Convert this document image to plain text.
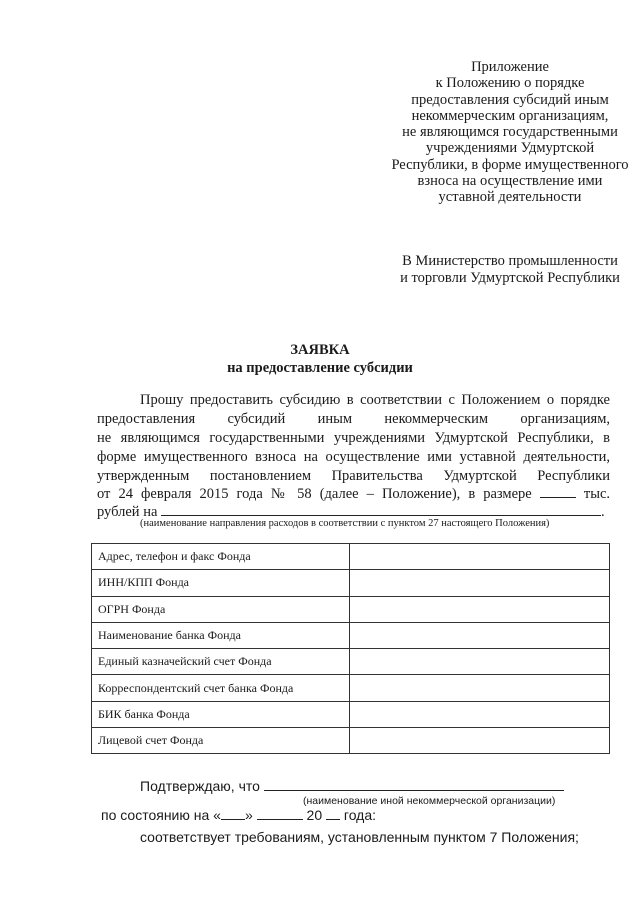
Приложение
к Положению о порядке
предоставления субсидий иным
некоммерческим организациям,
не являющимся государственными
учреждениями Удмуртской
Республики, в форме имущественного
взноса на осуществление ими
уставной деятельности
В Министерство промышленности
и торговли Удмуртской Республики
ЗАЯВКА
на предоставление субсидии
Прошу предоставить субсидию в соответствии с Положением о порядке
предоставления субсидий иным некоммерческим организациям,
не являющимся государственными учреждениями Удмуртской Республики, в
форме имущественного взноса на осуществление ими уставной деятельности,
утвержденным постановлением Правительства Удмуртской Республики
от 24 февраля 2015 года № 58 (далее – Положение), в размере	тыс.
рублей на	.
(наименование направления расходов в соответствии с пунктом 27 настоящего Положения)
Адрес, телефон и факс Фонда	
ИНН/КПП Фонда	
ОГРН Фонда	
Наименование банка Фонда	
Единый казначейский счет Фонда	
Корреспондентский счет банка Фонда	
БИК банка Фонда	
Лицевой счет Фонда	
Подтверждаю, что
(наименование иной некоммерческой организации)
по состоянию на « »	20 года:
соответствует требованиям, установленным пунктом 7 Положения;
